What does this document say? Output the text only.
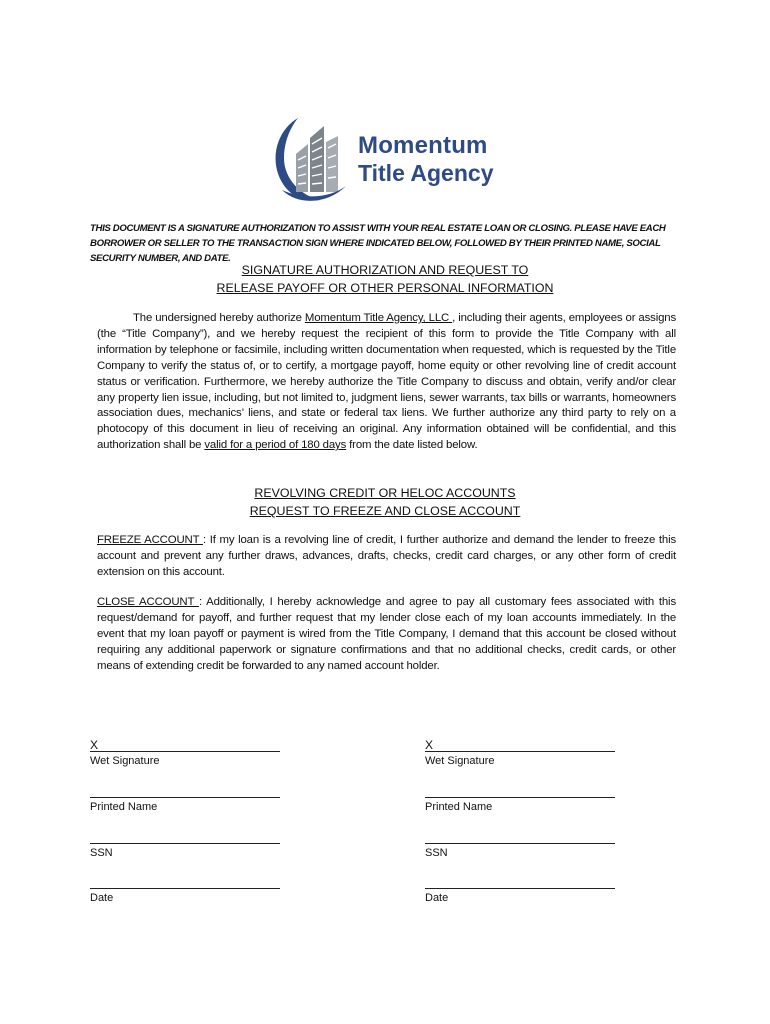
Momentum
Title Agency
THIS DOCUMENT IS A SIGNATURE AUTHORIZATION TO ASSIST WITH YOUR REAL ESTATE LOAN OR CLOSING. PLEASE HAVE EACH BORROWER OR SELLER TO THE TRANSACTION SIGN WHERE INDICATED BELOW, FOLLOWED BY THEIR PRINTED NAME, SOCIAL SECURITY NUMBER, AND DATE.
SIGNATURE AUTHORIZATION AND REQUEST TO
RELEASE PAYOFF OR OTHER PERSONAL INFORMATION
The undersigned hereby authorize Momentum Title Agency, LLC , including their agents, employees or assigns (the “Title Company”), and we hereby request the recipient of this form to provide the Title Company with all information by telephone or facsimile, including written documentation when requested, which is requested by the Title Company to verify the status of, or to certify, a mortgage payoff, home equity or other revolving line of credit account status or verification. Furthermore, we hereby authorize the Title Company to discuss and obtain, verify and/or clear any property lien issue, including, but not limited to, judgment liens, sewer warrants, tax bills or warrants, homeowners association dues, mechanics’ liens, and state or federal tax liens. We further authorize any third party to rely on a photocopy of this document in lieu of receiving an original. Any information obtained will be confidential, and this authorization shall be valid for a period of 180 days from the date listed below.
REVOLVING CREDIT OR HELOC ACCOUNTS
REQUEST TO FREEZE AND CLOSE ACCOUNT
FREEZE ACCOUNT : If my loan is a revolving line of credit, I further authorize and demand the lender to freeze this account and prevent any further draws, advances, drafts, checks, credit card charges, or any other form of credit extension on this account.
CLOSE ACCOUNT : Additionally, I hereby acknowledge and agree to pay all customary fees associated with this request/demand for payoff, and further request that my lender close each of my loan accounts immediately. In the event that my loan payoff or payment is wired from the Title Company, I demand that this account be closed without requiring any additional paperwork or signature confirmations and that no additional checks, credit cards, or other means of extending credit be forwarded to any named account holder.
X
Wet Signature
Printed Name
SSN
Date
X
Wet Signature
Printed Name
SSN
Date
